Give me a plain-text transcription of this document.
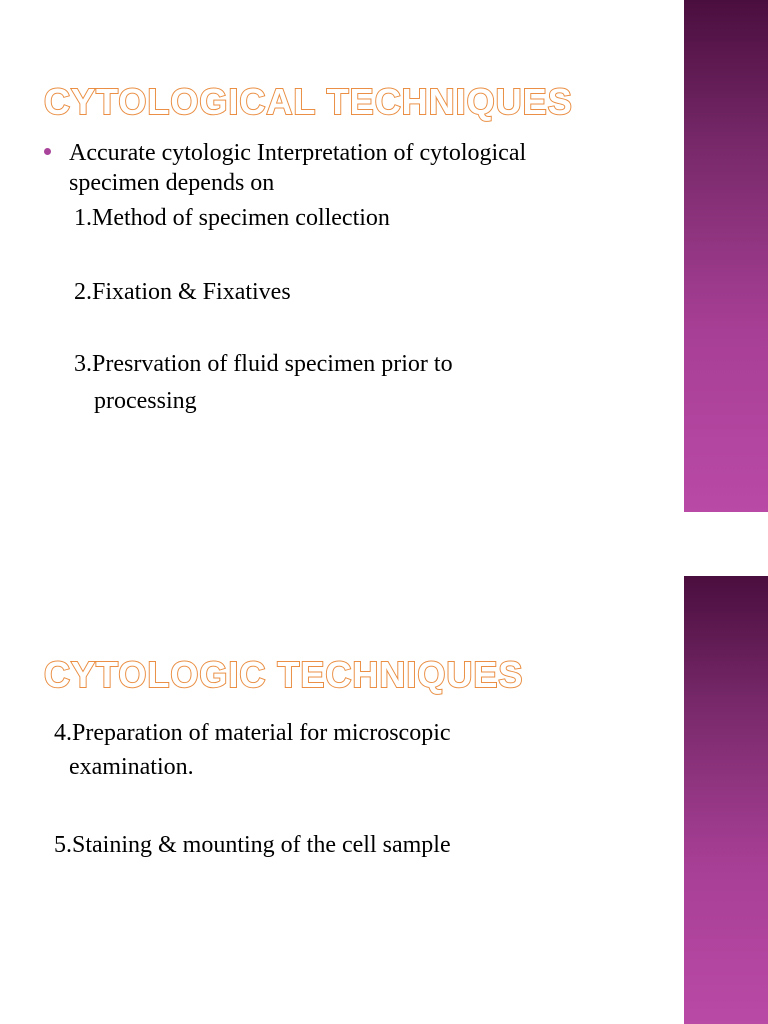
CYTOLOGICAL TECHNIQUES

Accurate cytologic Interpretation of cytological

specimen depends on

1.Method of specimen collection

2.Fixation & Fixatives

3.Presrvation of fluid specimen prior to

processing

CYTOLOGIC TECHNIQUES

4.Preparation of material for microscopic

examination.

5.Staining & mounting of the cell sample
